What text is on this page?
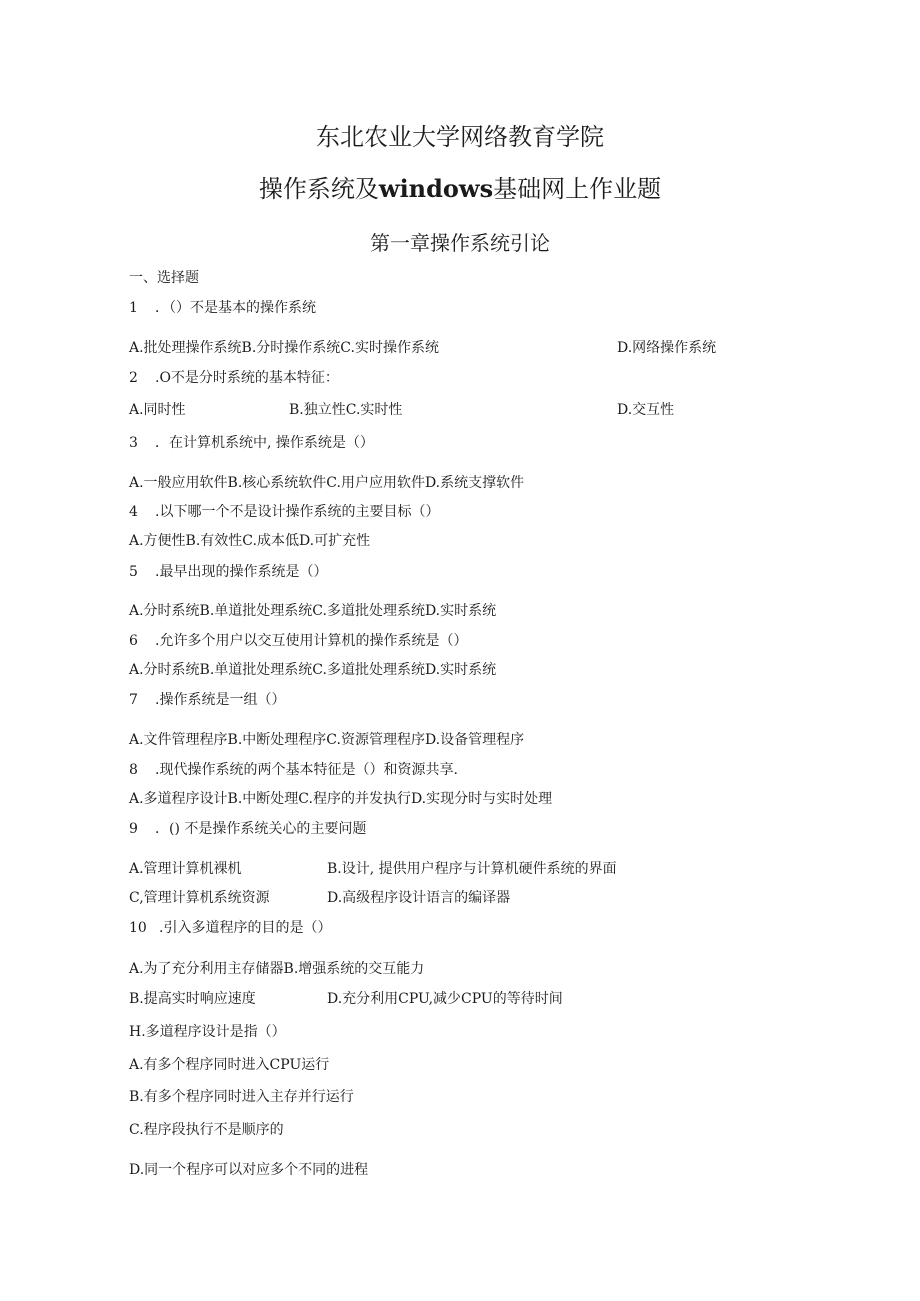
东北农业大学网络教育学院
操作系统及windows基础网上作业题
第一章操作系统引论
一、选择题
1 ．（）不是基本的操作系统
A.批处理操作系统B.分时操作系统C.实时操作系统	D.网络操作系统
2 .O不是分时系统的基本特征：
A.同时性	B.独立性C.实时性	D.交互性
3 ．在计算机系统中, 操作系统是（）
A.一般应用软件B.核心系统软件C.用户应用软件D.系统支撑软件
4 .以下哪一个不是设计操作系统的主要目标（）
A.方便性B.有效性C.成本低D.可扩充性
5 .最早出现的操作系统是（）
A.分时系统B.单道批处理系统C.多道批处理系统D.实时系统
6 .允许多个用户以交互使用计算机的操作系统是（）
A.分时系统B.单道批处理系统C.多道批处理系统D.实时系统
7 .操作系统是一组（）
A.文件管理程序B.中断处理程序C.资源管理程序D.设备管理程序
8 .现代操作系统的两个基本特征是（）和资源共享.
A.多道程序设计B.中断处理C.程序的并发执行D.实现分时与实时处理
9 ．() 不是操作系统关心的主要问题
A.管理计算机裸机	B.设计, 提供用户程序与计算机硬件系统的界面
C,管理计算机系统资源	D.高级程序设计语言的编译器
10 .引入多道程序的目的是（）
A.为了充分利用主存储器B.增强系统的交互能力
B.提高实时响应速度	D.充分利用CPU,减少CPU的等待时间
H.多道程序设计是指（）
A.有多个程序同时进入CPU运行
B.有多个程序同时进入主存并行运行
C.程序段执行不是顺序的
D.同一个程序可以对应多个不同的进程
